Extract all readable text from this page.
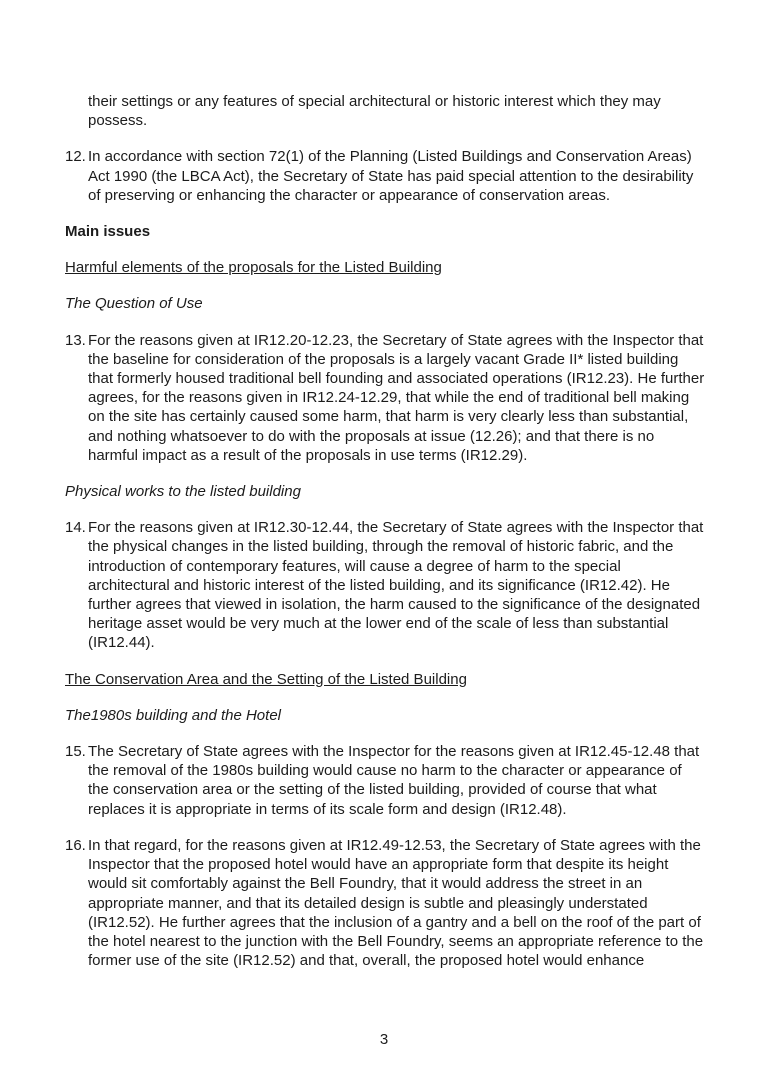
their settings or any features of special architectural or historic interest which they may possess.
12. In accordance with section 72(1) of the Planning (Listed Buildings and Conservation Areas) Act 1990 (the LBCA Act), the Secretary of State has paid special attention to the desirability of preserving or enhancing the character or appearance of conservation areas.
Main issues
Harmful elements of the proposals for the Listed Building
The Question of Use
13. For the reasons given at IR12.20-12.23, the Secretary of State agrees with the Inspector that the baseline for consideration of the proposals is a largely vacant Grade II* listed building that formerly housed traditional bell founding and associated operations (IR12.23). He further agrees, for the reasons given in IR12.24-12.29, that while the end of traditional bell making on the site has certainly caused some harm, that harm is very clearly less than substantial, and nothing whatsoever to do with the proposals at issue (12.26); and that there is no harmful impact as a result of the proposals in use terms (IR12.29).
Physical works to the listed building
14. For the reasons given at IR12.30-12.44, the Secretary of State agrees with the Inspector that the physical changes in the listed building, through the removal of historic fabric, and the introduction of contemporary features, will cause a degree of harm to the special architectural and historic interest of the listed building, and its significance (IR12.42). He further agrees that viewed in isolation, the harm caused to the significance of the designated heritage asset would be very much at the lower end of the scale of less than substantial (IR12.44).
The Conservation Area and the Setting of the Listed Building
The1980s building and the Hotel
15. The Secretary of State agrees with the Inspector for the reasons given at IR12.45-12.48 that the removal of the 1980s building would cause no harm to the character or appearance of the conservation area or the setting of the listed building, provided of course that what replaces it is appropriate in terms of its scale form and design (IR12.48).
16. In that regard, for the reasons given at IR12.49-12.53, the Secretary of State agrees with the Inspector that the proposed hotel would have an appropriate form that despite its height would sit comfortably against the Bell Foundry, that it would address the street in an appropriate manner, and that its detailed design is subtle and pleasingly understated (IR12.52). He further agrees that the inclusion of a gantry and a bell on the roof of the part of the hotel nearest to the junction with the Bell Foundry, seems an appropriate reference to the former use of the site (IR12.52) and that, overall, the proposed hotel would enhance
3
